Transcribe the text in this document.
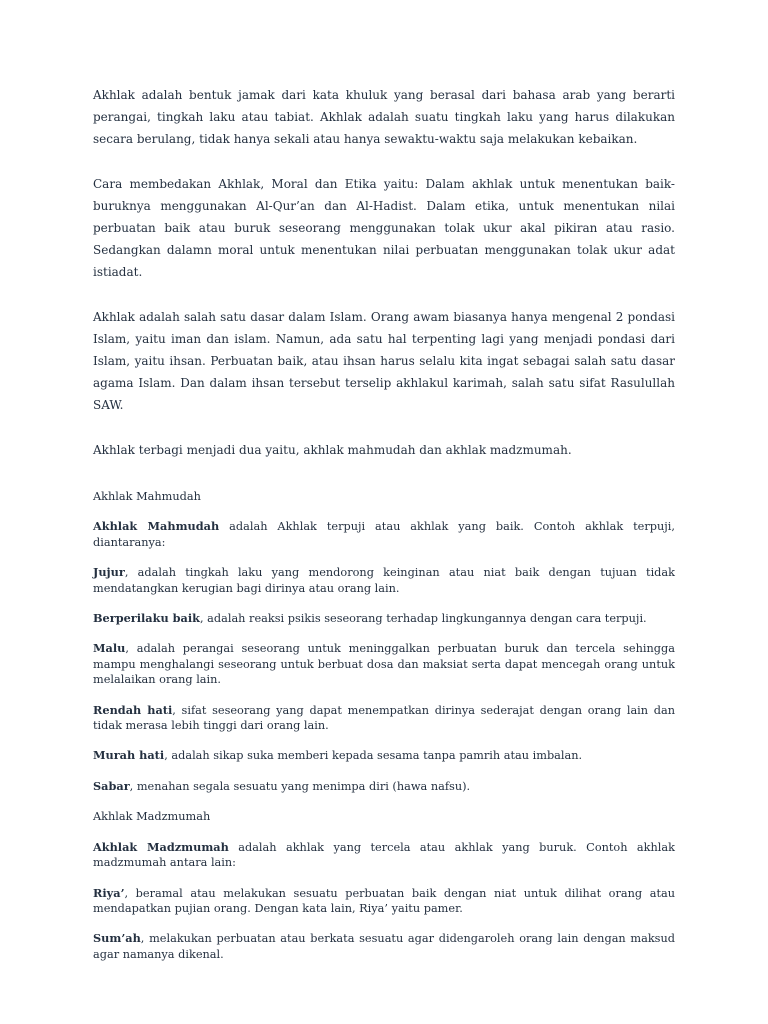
Akhlak adalah bentuk jamak dari kata khuluk yang berasal dari bahasa arab yang berarti perangai, tingkah laku atau tabiat. Akhlak adalah suatu tingkah laku yang harus dilakukan secara berulang, tidak hanya sekali atau hanya sewaktu-waktu saja melakukan kebaikan.

Cara membedakan Akhlak, Moral dan Etika yaitu: Dalam akhlak untuk menentukan baik-buruknya menggunakan Al-Qur’an dan Al-Hadist. Dalam etika, untuk menentukan nilai perbuatan baik atau buruk seseorang menggunakan tolak ukur akal pikiran atau rasio. Sedangkan dalamn moral untuk menentukan nilai perbuatan menggunakan tolak ukur adat istiadat.

Akhlak adalah salah satu dasar dalam Islam. Orang awam biasanya hanya mengenal 2 pondasi Islam, yaitu iman dan islam. Namun, ada satu hal terpenting lagi yang menjadi pondasi dari Islam, yaitu ihsan. Perbuatan baik, atau ihsan harus selalu kita ingat sebagai salah satu dasar agama Islam. Dan dalam ihsan tersebut terselip akhlakul karimah, salah satu sifat Rasulullah SAW.

Akhlak terbagi menjadi dua yaitu, akhlak mahmudah dan akhlak madzmumah.

Akhlak Mahmudah

Akhlak Mahmudah adalah Akhlak terpuji atau akhlak yang baik. Contoh akhlak terpuji, diantaranya:

Jujur, adalah tingkah laku yang mendorong keinginan atau niat baik dengan tujuan tidak mendatangkan kerugian bagi dirinya atau orang lain.

Berperilaku baik, adalah reaksi psikis seseorang terhadap lingkungannya dengan cara terpuji.

Malu, adalah perangai seseorang untuk meninggalkan perbuatan buruk dan tercela sehingga mampu menghalangi seseorang untuk berbuat dosa dan maksiat serta dapat mencegah orang untuk melalaikan orang lain.

Rendah hati, sifat seseorang yang dapat menempatkan dirinya sederajat dengan orang lain dan tidak merasa lebih tinggi dari orang lain.

Murah hati, adalah sikap suka memberi kepada sesama tanpa pamrih atau imbalan.

Sabar, menahan segala sesuatu yang menimpa diri (hawa nafsu).

Akhlak Madzmumah

Akhlak Madzmumah adalah akhlak yang tercela atau akhlak yang buruk. Contoh akhlak madzmumah antara lain:

Riya’, beramal atau melakukan sesuatu perbuatan baik dengan niat untuk dilihat orang atau mendapatkan pujian orang. Dengan kata lain, Riya’ yaitu pamer.

Sum’ah, melakukan perbuatan atau berkata sesuatu agar didengaroleh orang lain dengan maksud agar namanya dikenal.
